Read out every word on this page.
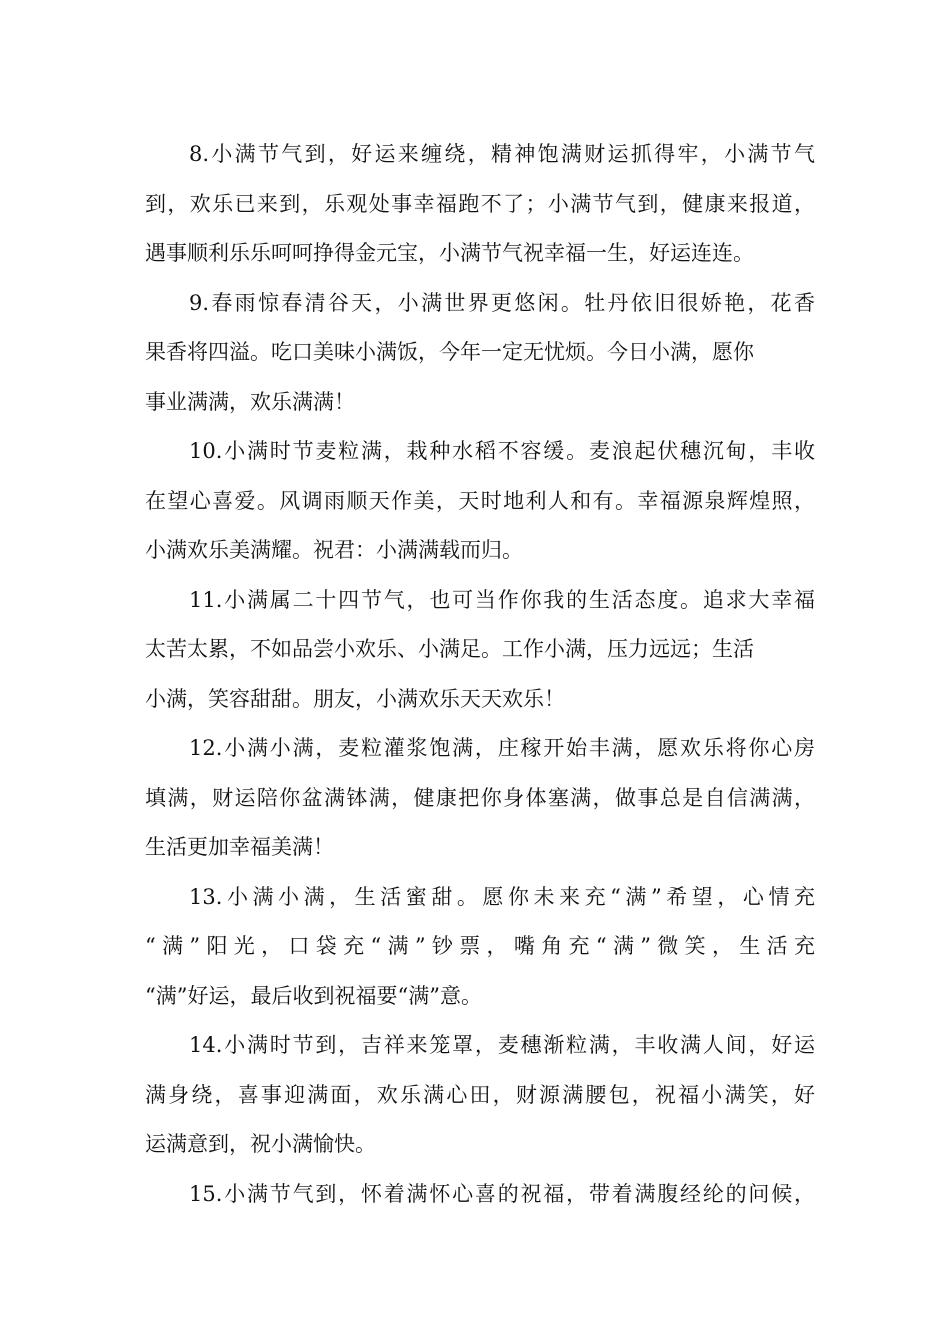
8.小满节气到，好运来缠绕，精神饱满财运抓得牢，小满节气
到，欢乐已来到，乐观处事幸福跑不了；小满节气到，健康来报道，
遇事顺利乐乐呵呵挣得金元宝，小满节气祝幸福一生，好运连连。
9.春雨惊春清谷天，小满世界更悠闲。牡丹依旧很娇艳，花香
果香将四溢。吃口美味小满饭，今年一定无忧烦。今日小满，愿你
事业满满，欢乐满满！
10.小满时节麦粒满，栽种水稻不容缓。麦浪起伏穗沉甸，丰收
在望心喜爱。风调雨顺天作美，天时地利人和有。幸福源泉辉煌照，
小满欢乐美满耀。祝君：小满满载而归。
11.小满属二十四节气，也可当作你我的生活态度。追求大幸福
太苦太累，不如品尝小欢乐、小满足。工作小满，压力远远；生活
小满，笑容甜甜。朋友，小满欢乐天天欢乐！
12.小满小满，麦粒灌浆饱满，庄稼开始丰满，愿欢乐将你心房
填满，财运陪你盆满钵满，健康把你身体塞满，做事总是自信满满，
生活更加幸福美满！
13.小满小满，生活蜜甜。愿你未来充“满”希望，心情充
“满”阳光，口袋充“满”钞票，嘴角充“满”微笑，生活充
“满”好运，最后收到祝福要“满”意。
14.小满时节到，吉祥来笼罩，麦穗渐粒满，丰收满人间，好运
满身绕，喜事迎满面，欢乐满心田，财源满腰包，祝福小满笑，好
运满意到，祝小满愉快。
15.小满节气到，怀着满怀心喜的祝福，带着满腹经纶的问候，
